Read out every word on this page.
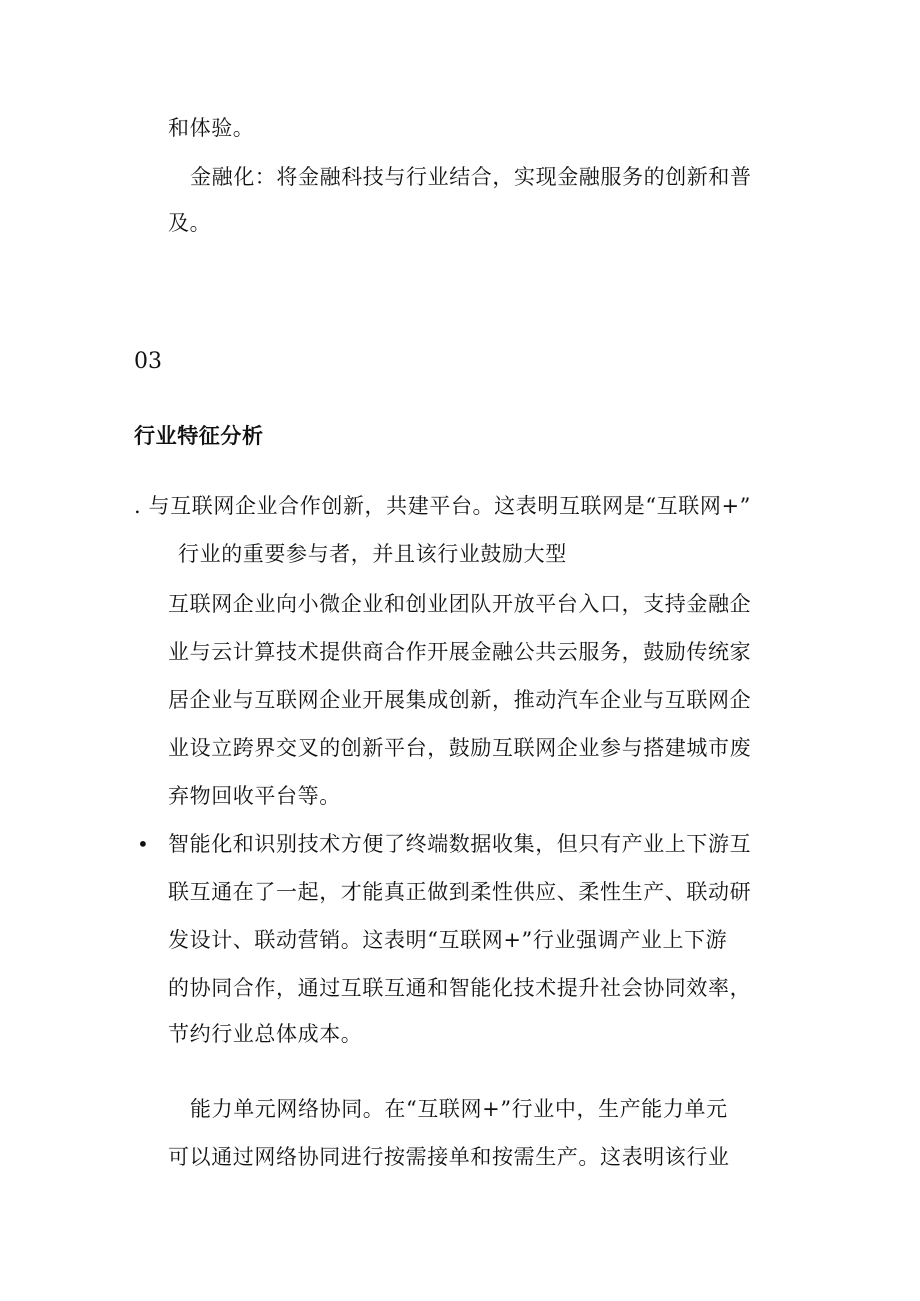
和体验。
金融化：将金融科技与行业结合，实现金融服务的创新和普
及。
03
行业特征分析
. 与互联网企业合作创新，共建平台。这表明互联网是“互联网+”
行业的重要参与者，并且该行业鼓励大型
互联网企业向小微企业和创业团队开放平台入口，支持金融企
业与云计算技术提供商合作开展金融公共云服务，鼓励传统家
居企业与互联网企业开展集成创新，推动汽车企业与互联网企
业设立跨界交叉的创新平台，鼓励互联网企业参与搭建城市废
弃物回收平台等。
• 智能化和识别技术方便了终端数据收集，但只有产业上下游互
联互通在了一起，才能真正做到柔性供应、柔性生产、联动研
发设计、联动营销。这表明“互联网+”行业强调产业上下游
的协同合作，通过互联互通和智能化技术提升社会协同效率，
节约行业总体成本。
能力单元网络协同。在“互联网+”行业中，生产能力单元
可以通过网络协同进行按需接单和按需生产。这表明该行业
